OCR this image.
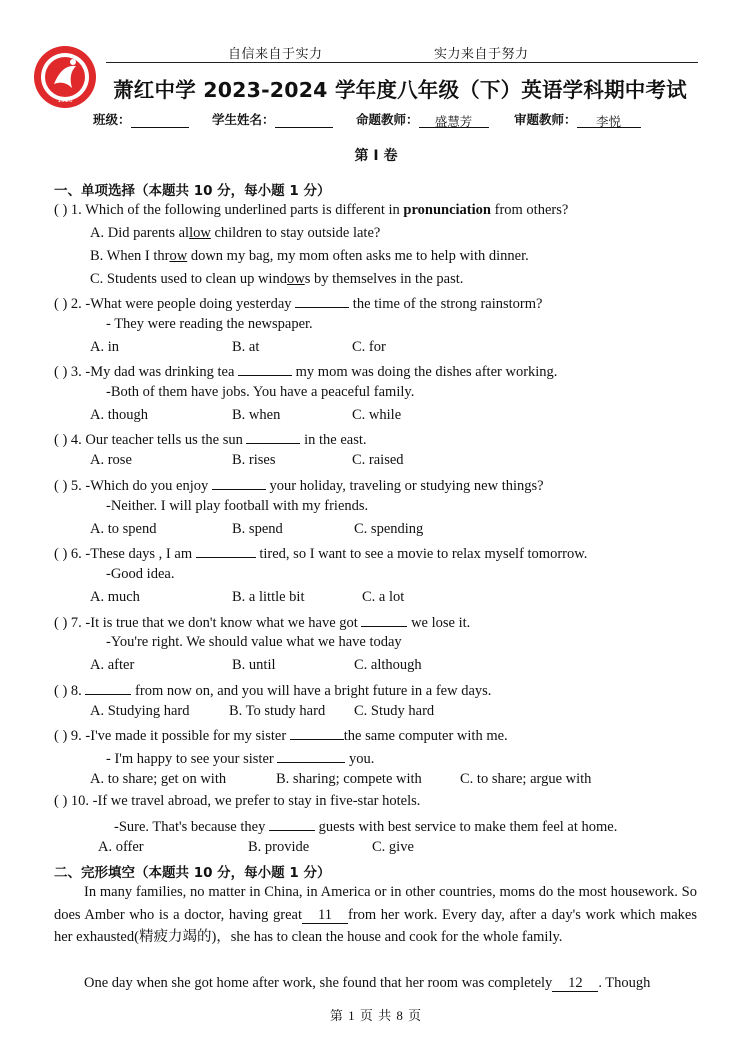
自信来自于实力	实力来自于努力
1926	萧红中学 2023-2024 学年度八年级（下）英语学科期中考试
班级：	学生姓名：	命题教师： 盛慧芳	审题教师： 李悦
第 I 卷
一、单项选择（本题共 10 分，每小题 1 分）
( ) 1. Which of the following underlined parts is different in pronunciation from others?
A. Did parents allow children to stay outside late?
B. When I throw down my bag, my mom often asks me to help with dinner.
C. Students used to clean up windows by themselves in the past.
( ) 2. -What were people doing yesterday	the time of the strong rainstorm?
- They were reading the newspaper.
A. in	B. at	C. for
( ) 3. -My dad was drinking tea	my mom was doing the dishes after working.
-Both of them have jobs. You have a peaceful family.
A. though	B. when	C. while
( ) 4. Our teacher tells us the sun	in the east.
A. rose	B. rises	C. raised
( ) 5. -Which do you enjoy	your holiday, traveling or studying new things?
-Neither. I will play football with my friends.
A. to spend	B. spend	C. spending
( ) 6. -These days , I am	tired, so I want to see a movie to relax myself tomorrow.
-Good idea.
A. much	B. a little bit	C. a lot
( ) 7. -It is true that we don't know what we have got	we lose it.
-You're right. We should value what we have today
A. after	B. until	C. although
( ) 8.	from now on, and you will have a bright future in a few days.
A. Studying hard	B. To study hard C. Study hard
( ) 9. -I've made it possible for my sister	the same computer with me.
- I'm happy to see your sister	you.
A. to share; get on with	B. sharing; compete with	C. to share; argue with
( ) 10. -If we travel abroad, we prefer to stay in five-star hotels.
-Sure. That's because they	guests with best service to make them feel at home.
A. offer	B. provide	C. give
二、完形填空（本题共 10 分，每小题 1 分）
In many families, no matter in China, in America or in other countries, moms do the most housework. So does Amber who is a doctor, having great 11 from her work. Every day, after a day's work which makes her exhausted(精疲力竭的)，she has to clean the house and cook for the whole family.
One day when she got home after work, she found that her room was completely 12 . Though
第 1 页 共 8 页
